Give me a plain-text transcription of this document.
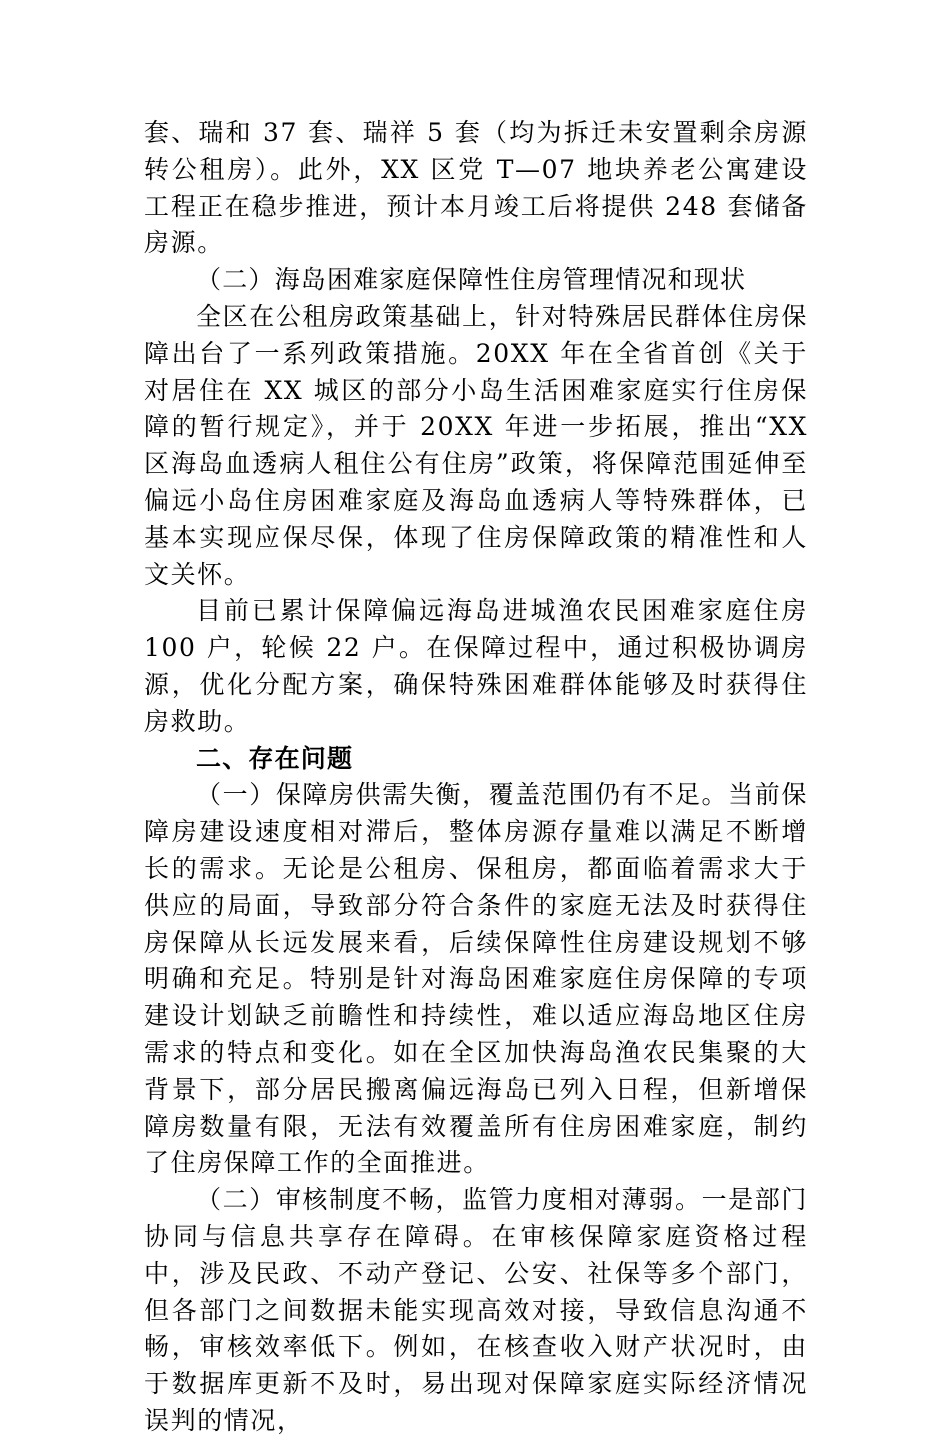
套、瑞和 37 套、瑞祥 5 套（均为拆迁未安置剩余房源转公租房）。此外，XX 区党 T—07 地块养老公寓建设工程正在稳步推进，预计本月竣工后将提供 248 套储备房源。

（二）海岛困难家庭保障性住房管理情况和现状

全区在公租房政策基础上，针对特殊居民群体住房保障出台了一系列政策措施。20XX 年在全省首创《关于对居住在 XX 城区的部分小岛生活困难家庭实行住房保障的暂行规定》，并于 20XX 年进一步拓展，推出“XX 区海岛血透病人租住公有住房”政策，将保障范围延伸至偏远小岛住房困难家庭及海岛血透病人等特殊群体，已基本实现应保尽保，体现了住房保障政策的精准性和人文关怀。

目前已累计保障偏远海岛进城渔农民困难家庭住房 100 户，轮候 22 户。在保障过程中，通过积极协调房源，优化分配方案，确保特殊困难群体能够及时获得住房救助。

二、存在问题

（一）保障房供需失衡，覆盖范围仍有不足。当前保障房建设速度相对滞后，整体房源存量难以满足不断增长的需求。无论是公租房、保租房，都面临着需求大于供应的局面，导致部分符合条件的家庭无法及时获得住房保障从长远发展来看，后续保障性住房建设规划不够明确和充足。特别是针对海岛困难家庭住房保障的专项建设计划缺乏前瞻性和持续性，难以适应海岛地区住房需求的特点和变化。如在全区加快海岛渔农民集聚的大背景下，部分居民搬离偏远海岛已列入日程，但新增保障房数量有限，无法有效覆盖所有住房困难家庭，制约了住房保障工作的全面推进。

（二）审核制度不畅，监管力度相对薄弱。一是部门协同与信息共享存在障碍。在审核保障家庭资格过程中，涉及民政、不动产登记、公安、社保等多个部门，但各部门之间数据未能实现高效对接，导致信息沟通不畅，审核效率低下。例如，在核查收入财产状况时，由于数据库更新不及时，易出现对保障家庭实际经济情况误判的情况，
